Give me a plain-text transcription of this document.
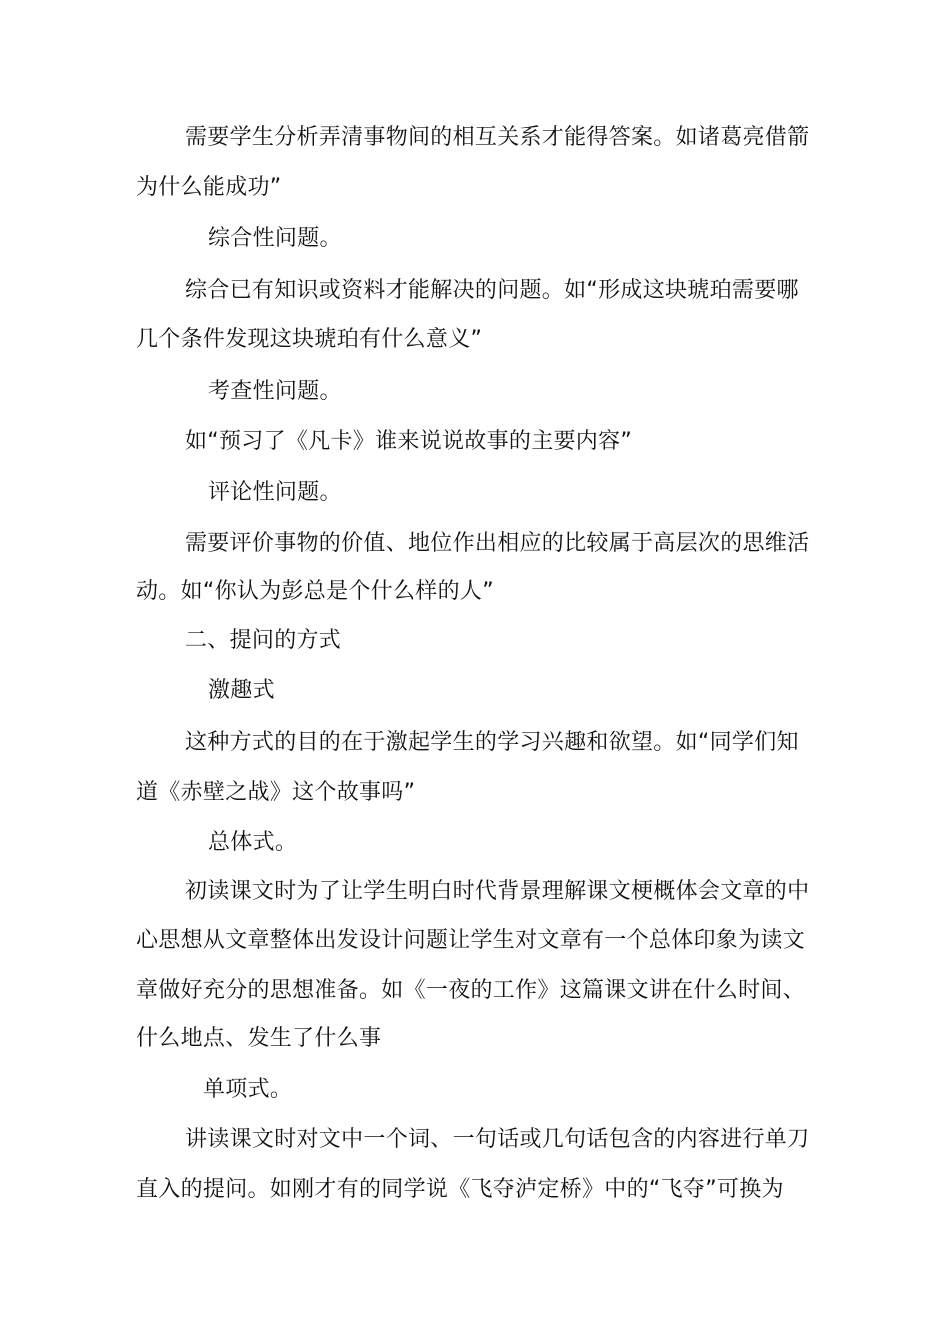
需要学生分析弄清事物间的相互关系才能得答案。如诸葛亮借箭
为什么能成功”
综合性问题。
综合已有知识或资料才能解决的问题。如“形成这块琥珀需要哪
几个条件发现这块琥珀有什么意义”
考查性问题。
如“预习了《凡卡》谁来说说故事的主要内容”
评论性问题。
需要评价事物的价值、地位作出相应的比较属于高层次的思维活
动。如“你认为彭总是个什么样的人”
二、提问的方式
激趣式
这种方式的目的在于激起学生的学习兴趣和欲望。如“同学们知
道《赤壁之战》这个故事吗”
总体式。
初读课文时为了让学生明白时代背景理解课文梗概体会文章的中
心思想从文章整体出发设计问题让学生对文章有一个总体印象为读文
章做好充分的思想准备。如《一夜的工作》这篇课文讲在什么时间、
什么地点、发生了什么事
单项式。
讲读课文时对文中一个词、一句话或几句话包含的内容进行单刀
直入的提问。如刚才有的同学说《飞夺泸定桥》中的“飞夺”可换为
